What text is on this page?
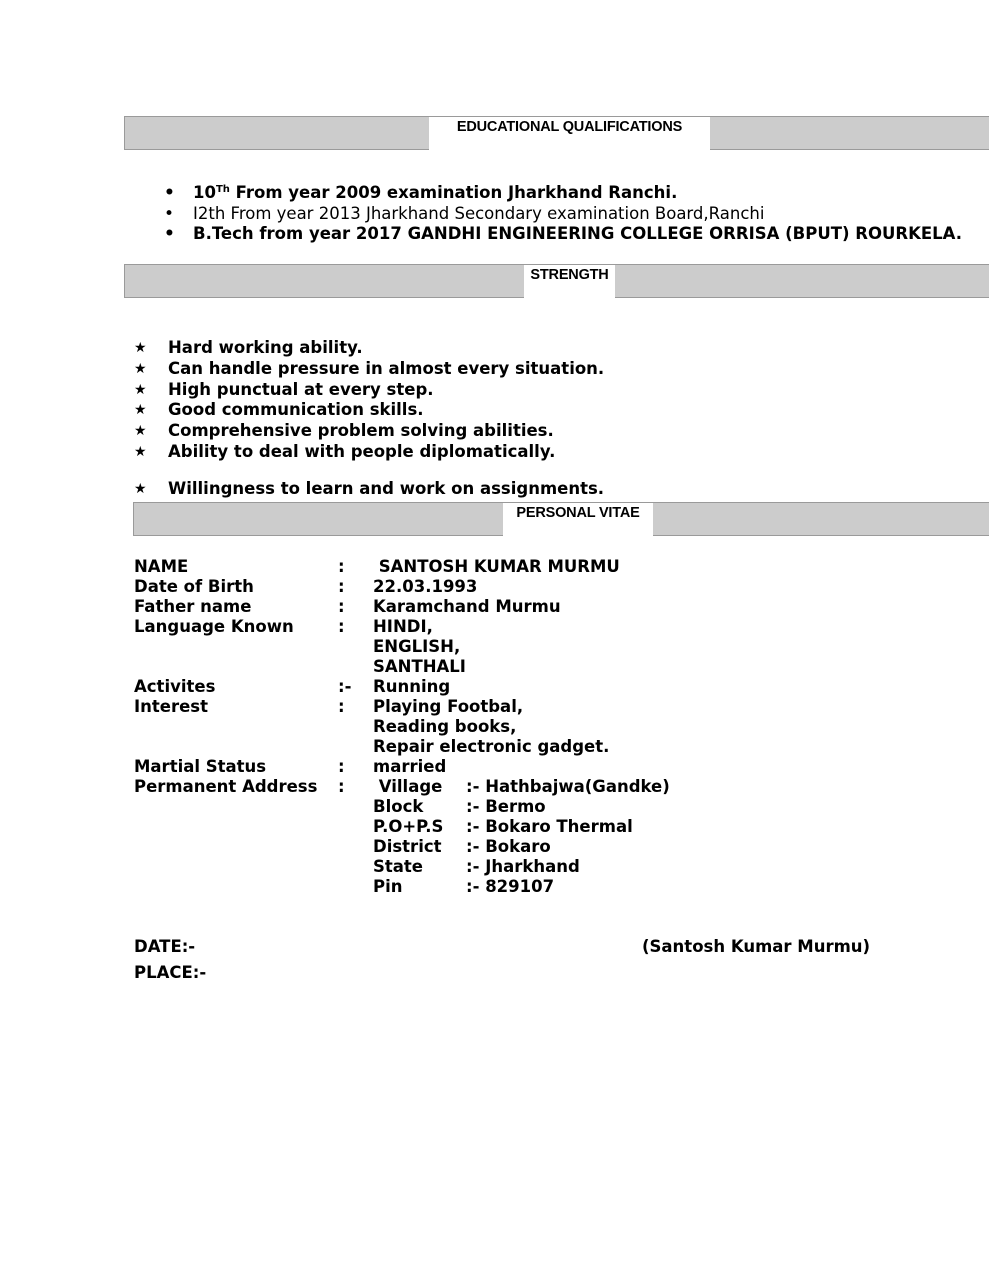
EDUCATIONAL QUALIFICATIONS
• 10Th From year 2009 examination Jharkhand Ranchi.
• I2th From year 2013 Jharkhand Secondary examination Board,Ranchi
• B.Tech from year 2017 GANDHI ENGINEERING COLLEGE ORRISA (BPUT) ROURKELA.
STRENGTH
★ Hard working ability.
★ Can handle pressure in almost every situation.
★ High punctual at every step.
★ Good communication skills.
★ Comprehensive problem solving abilities.
★ Ability to deal with people diplomatically.
★ Willingness to learn and work on assignments.
PERSONAL VITAE
NAME	:	SANTOSH KUMAR MURMU
Date of Birth	:	22.03.1993
Father name	:	Karamchand Murmu
Language Known	:	HINDI,
ENGLISH,
SANTHALI
Activites	:-	Running
Interest	:	Playing Footbal,
Reading books,
Repair electronic gadget.
Martial Status	:	married
Permanent Address	:	Village	:- Hathbajwa(Gandke)
Block	:- Bermo
P.O+P.S	:- Bokaro Thermal
District	:- Bokaro
State	:- Jharkhand
Pin	:- 829107
DATE:-
PLACE:-
(Santosh Kumar Murmu)
